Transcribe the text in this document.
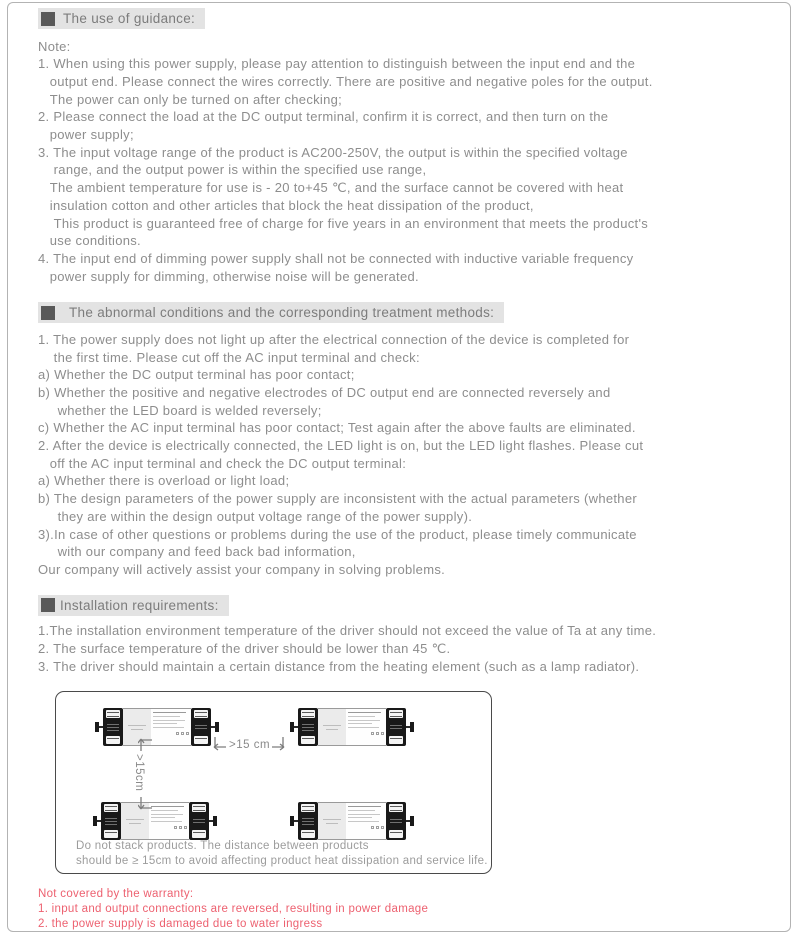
The use of guidance:
Note:
1. When using this power supply, please pay attention to distinguish between the input end and the
output end. Please connect the wires correctly. There are positive and negative poles for the output.
The power can only be turned on after checking;
2. Please connect the load at the DC output terminal, confirm it is correct, and then turn on the
power supply;
3. The input voltage range of the product is AC200-250V, the output is within the specified voltage
range, and the output power is within the specified use range,
The ambient temperature for use is - 20 to+45 ℃, and the surface cannot be covered with heat
insulation cotton and other articles that block the heat dissipation of the product,
This product is guaranteed free of charge for five years in an environment that meets the product's
use conditions.
4. The input end of dimming power supply shall not be connected with inductive variable frequency
power supply for dimming, otherwise noise will be generated.
The abnormal conditions and the corresponding treatment methods:
1. The power supply does not light up after the electrical connection of the device is completed for
the first time. Please cut off the AC input terminal and check:
a) Whether the DC output terminal has poor contact;
b) Whether the positive and negative electrodes of DC output end are connected reversely and
whether the LED board is welded reversely;
c) Whether the AC input terminal has poor contact; Test again after the above faults are eliminated.
2. After the device is electrically connected, the LED light is on, but the LED light flashes. Please cut
off the AC input terminal and check the DC output terminal:
a) Whether there is overload or light load;
b) The design parameters of the power supply are inconsistent with the actual parameters (whether
they are within the design output voltage range of the power supply).
3).In case of other questions or problems during the use of the product, please timely communicate
with our company and feed back bad information,
Our company will actively assist your company in solving problems.
Installation requirements:
1.The installation environment temperature of the driver should not exceed the value of Ta at any time.
2. The surface temperature of the driver should be lower than 45 ℃.
3. The driver should maintain a certain distance from the heating element (such as a lamp radiator).
>15cm
>15 cm
Do not stack products. The distance between products
should be ≥ 15cm to avoid affecting product heat dissipation and service life.
Not covered by the warranty:
1. input and output connections are reversed, resulting in power damage
2. the power supply is damaged due to water ingress
